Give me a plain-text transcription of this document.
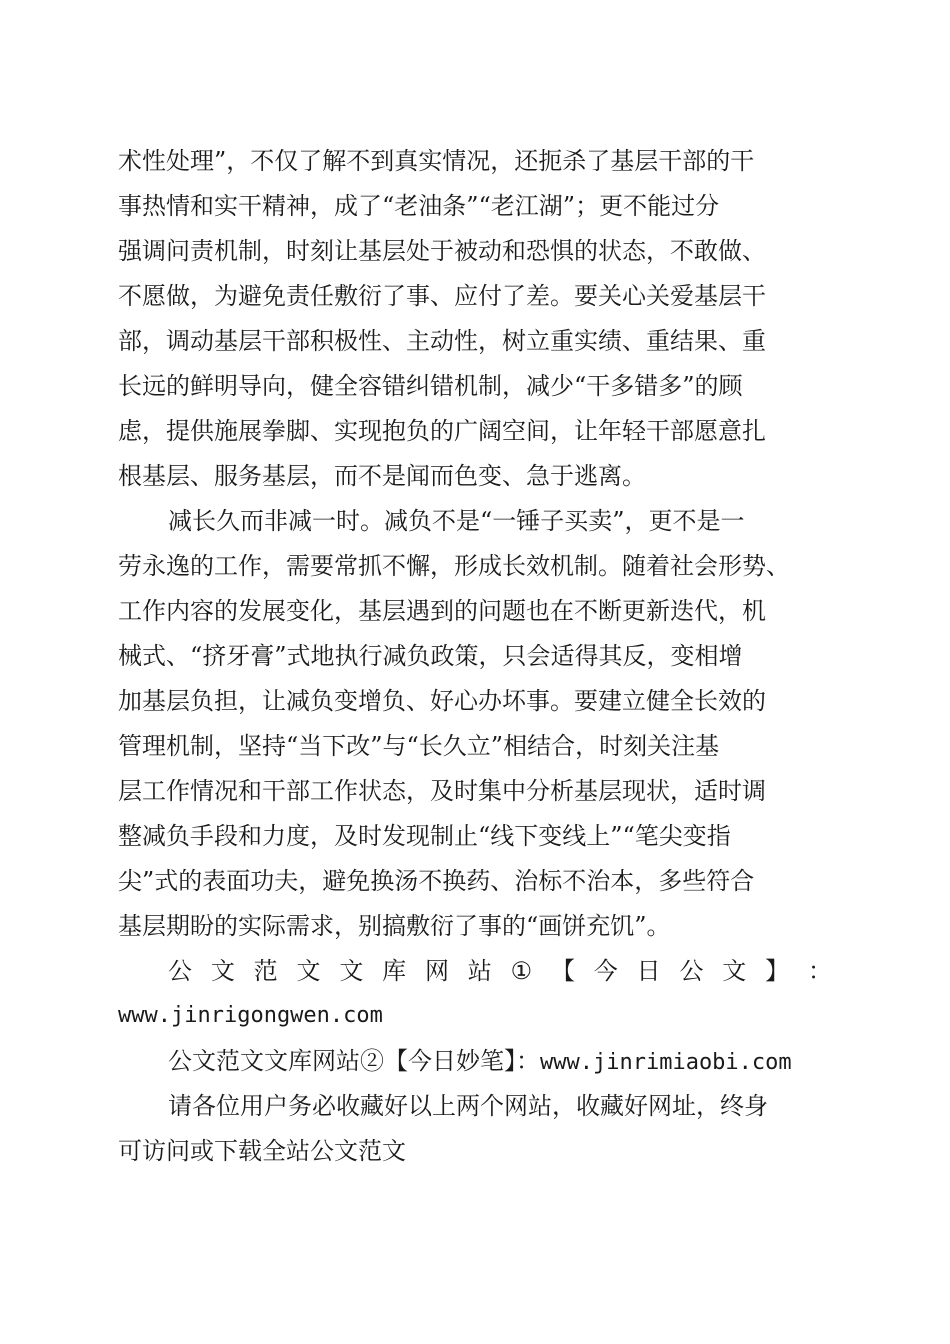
术性处理”，不仅了解不到真实情况，还扼杀了基层干部的干
事热情和实干精神，成了“老油条”“老江湖”；更不能过分
强调问责机制，时刻让基层处于被动和恐惧的状态，不敢做、
不愿做，为避免责任敷衍了事、应付了差。要关心关爱基层干
部，调动基层干部积极性、主动性，树立重实绩、重结果、重
长远的鲜明导向，健全容错纠错机制，减少“干多错多”的顾
虑，提供施展拳脚、实现抱负的广阔空间，让年轻干部愿意扎
根基层、服务基层，而不是闻而色变、急于逃离。
减长久而非减一时。减负不是“一锤子买卖”，更不是一
劳永逸的工作，需要常抓不懈，形成长效机制。随着社会形势、
工作内容的发展变化，基层遇到的问题也在不断更新迭代，机
械式、“挤牙膏”式地执行减负政策，只会适得其反，变相增
加基层负担，让减负变增负、好心办坏事。要建立健全长效的
管理机制，坚持“当下改”与“长久立”相结合，时刻关注基
层工作情况和干部工作状态，及时集中分析基层现状，适时调
整减负手段和力度，及时发现制止“线下变线上”“笔尖变指
尖”式的表面功夫，避免换汤不换药、治标不治本，多些符合
基层期盼的实际需求，别搞敷衍了事的“画饼充饥”。
公 文 范 文 文 库 网 站 ① 【 今 日 公 文 】 ：
www.jinrigongwen.com
公文范文文库网站②【今日妙笔】：www.jinrimiaobi.com
请各位用户务必收藏好以上两个网站，收藏好网址，终身
可访问或下载全站公文范文
